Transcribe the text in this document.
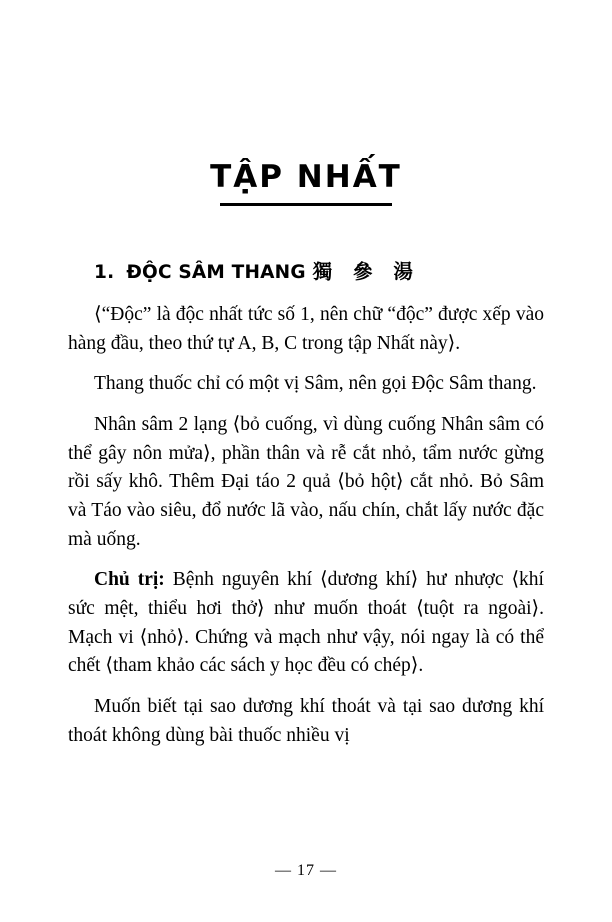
TẬP NHẤT
1. ĐỘC SÂM THANG 獨 參 湯

⟨“Độc” là độc nhất tức số 1, nên chữ “độc” được xếp vào hàng đầu, theo thứ tự A, B, C trong tập Nhất này⟩.

Thang thuốc chỉ có một vị Sâm, nên gọi Độc Sâm thang.

Nhân sâm 2 lạng ⟨bỏ cuống, vì dùng cuống Nhân sâm có thể gây nôn mửa⟩, phần thân và rễ cắt nhỏ, tẩm nước gừng rồi sấy khô. Thêm Đại táo 2 quả ⟨bỏ hột⟩ cắt nhỏ. Bỏ Sâm và Táo vào siêu, đổ nước lã vào, nấu chín, chắt lấy nước đặc mà uống.

Chủ trị: Bệnh nguyên khí ⟨dương khí⟩ hư nhược ⟨khí sức mệt, thiểu hơi thở⟩ như muốn thoát ⟨tuột ra ngoài⟩. Mạch vi ⟨nhỏ⟩. Chứng và mạch như vậy, nói ngay là có thể chết ⟨tham khảo các sách y học đều có chép⟩.

Muốn biết tại sao dương khí thoát và tại sao dương khí thoát không dùng bài thuốc nhiều vị

— 17 —
